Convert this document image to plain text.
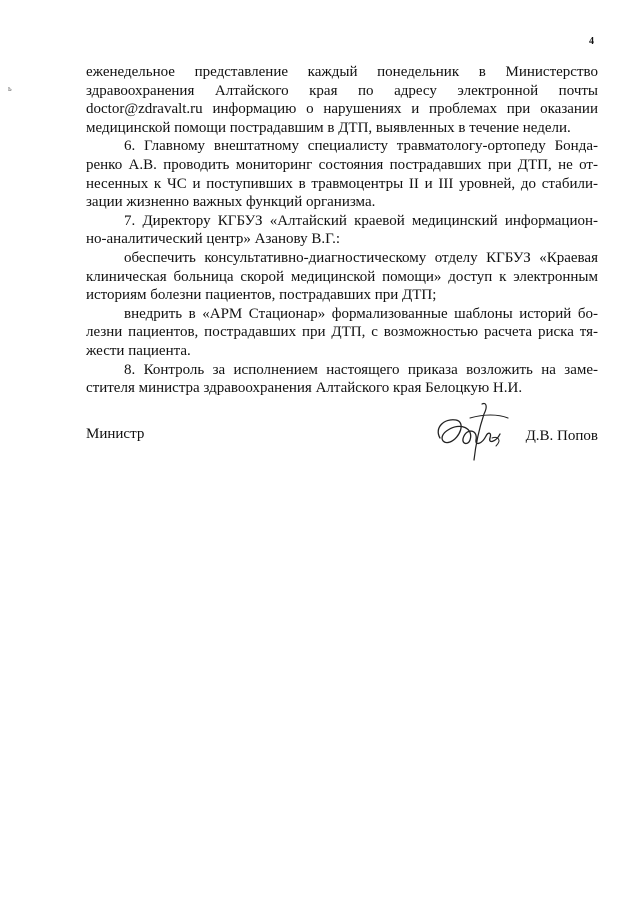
4
ь
еженедельное представление каждый понедельник в Министерство
здравоохранения Алтайского края по адресу электронной почты
doctor@zdravalt.ru информацию о нарушениях и проблемах при оказании
медицинской помощи пострадавшим в ДТП, выявленных в течение недели.
6. Главному внештатному специалисту травматологу-ортопеду Бонда-
ренко А.В. проводить мониторинг состояния пострадавших при ДТП, не от-
несенных к ЧС и поступивших в травмоцентры II и III уровней, до стабили-
зации жизненно важных функций организма.
7. Директору КГБУЗ «Алтайский краевой медицинский информацион-
но-аналитический центр» Азанову В.Г.:
обеспечить консультативно-диагностическому отделу КГБУЗ «Краевая
клиническая больница скорой медицинской помощи» доступ к электронным
историям болезни пациентов, пострадавших при ДТП;
внедрить в «АРМ Стационар» формализованные шаблоны историй бо-
лезни пациентов, пострадавших при ДТП, с возможностью расчета риска тя-
жести пациента.
8. Контроль за исполнением настоящего приказа возложить на заме-
стителя министра здравоохранения Алтайского края Белоцкую Н.И.
Министр	Д.В. Попов
